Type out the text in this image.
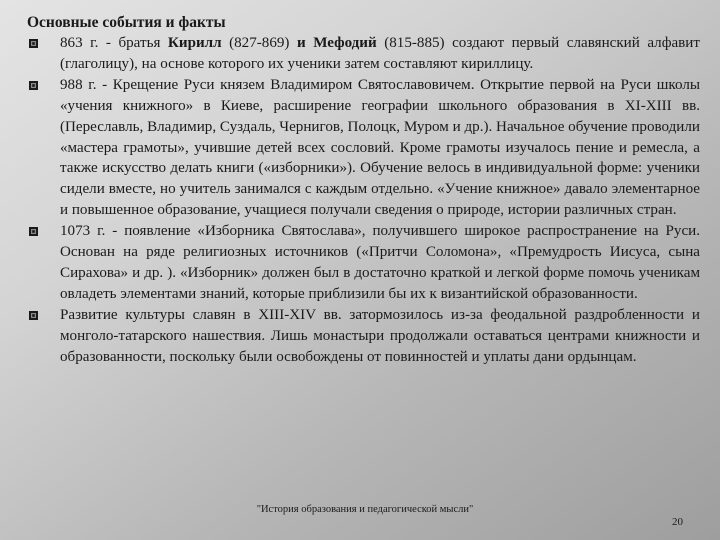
Основные события и факты
863 г. - братья Кирилл (827-869) и Мефодий (815-885) создают первый славянский алфавит (глаголицу), на основе которого их ученики затем составляют кириллицу.
988 г. - Крещение Руси князем Владимиром Святославовичем. Открытие первой на Руси школы «учения книжного» в Киеве, расширение географии школьного образования в XI-XIII вв. (Переславль, Владимир, Суздаль, Чернигов, Полоцк, Муром и др.). Начальное обучение проводили «мастера грамоты», учившие детей всех сословий. Кроме грамоты изучалось пение и ремесла, а также искусство делать книги («изборники»). Обучение велось в индивидуальной форме: ученики сидели вместе, но учитель занимался с каждым отдельно. «Учение книжное» давало элементарное и повышенное образование, учащиеся получали сведения о природе, истории различных стран.
1073 г. - появление «Изборника Святослава», получившего широкое распространение на Руси. Основан на ряде религиозных источников («Притчи Соломона», «Премудрость Иисуса, сына Сирахова» и др. ). «Изборник» должен был в достаточно краткой и легкой форме помочь ученикам овладеть элементами знаний, которые приблизили бы их к византийской образованности.
Развитие культуры славян в XIII-XIV вв. затормозилось из-за феодальной раздробленности и монголо-татарского нашествия. Лишь монастыри продолжали оставаться центрами книжности и образованности, поскольку были освобождены от повинностей и уплаты дани ордынцам.
"История образования и педагогической мысли"
20
